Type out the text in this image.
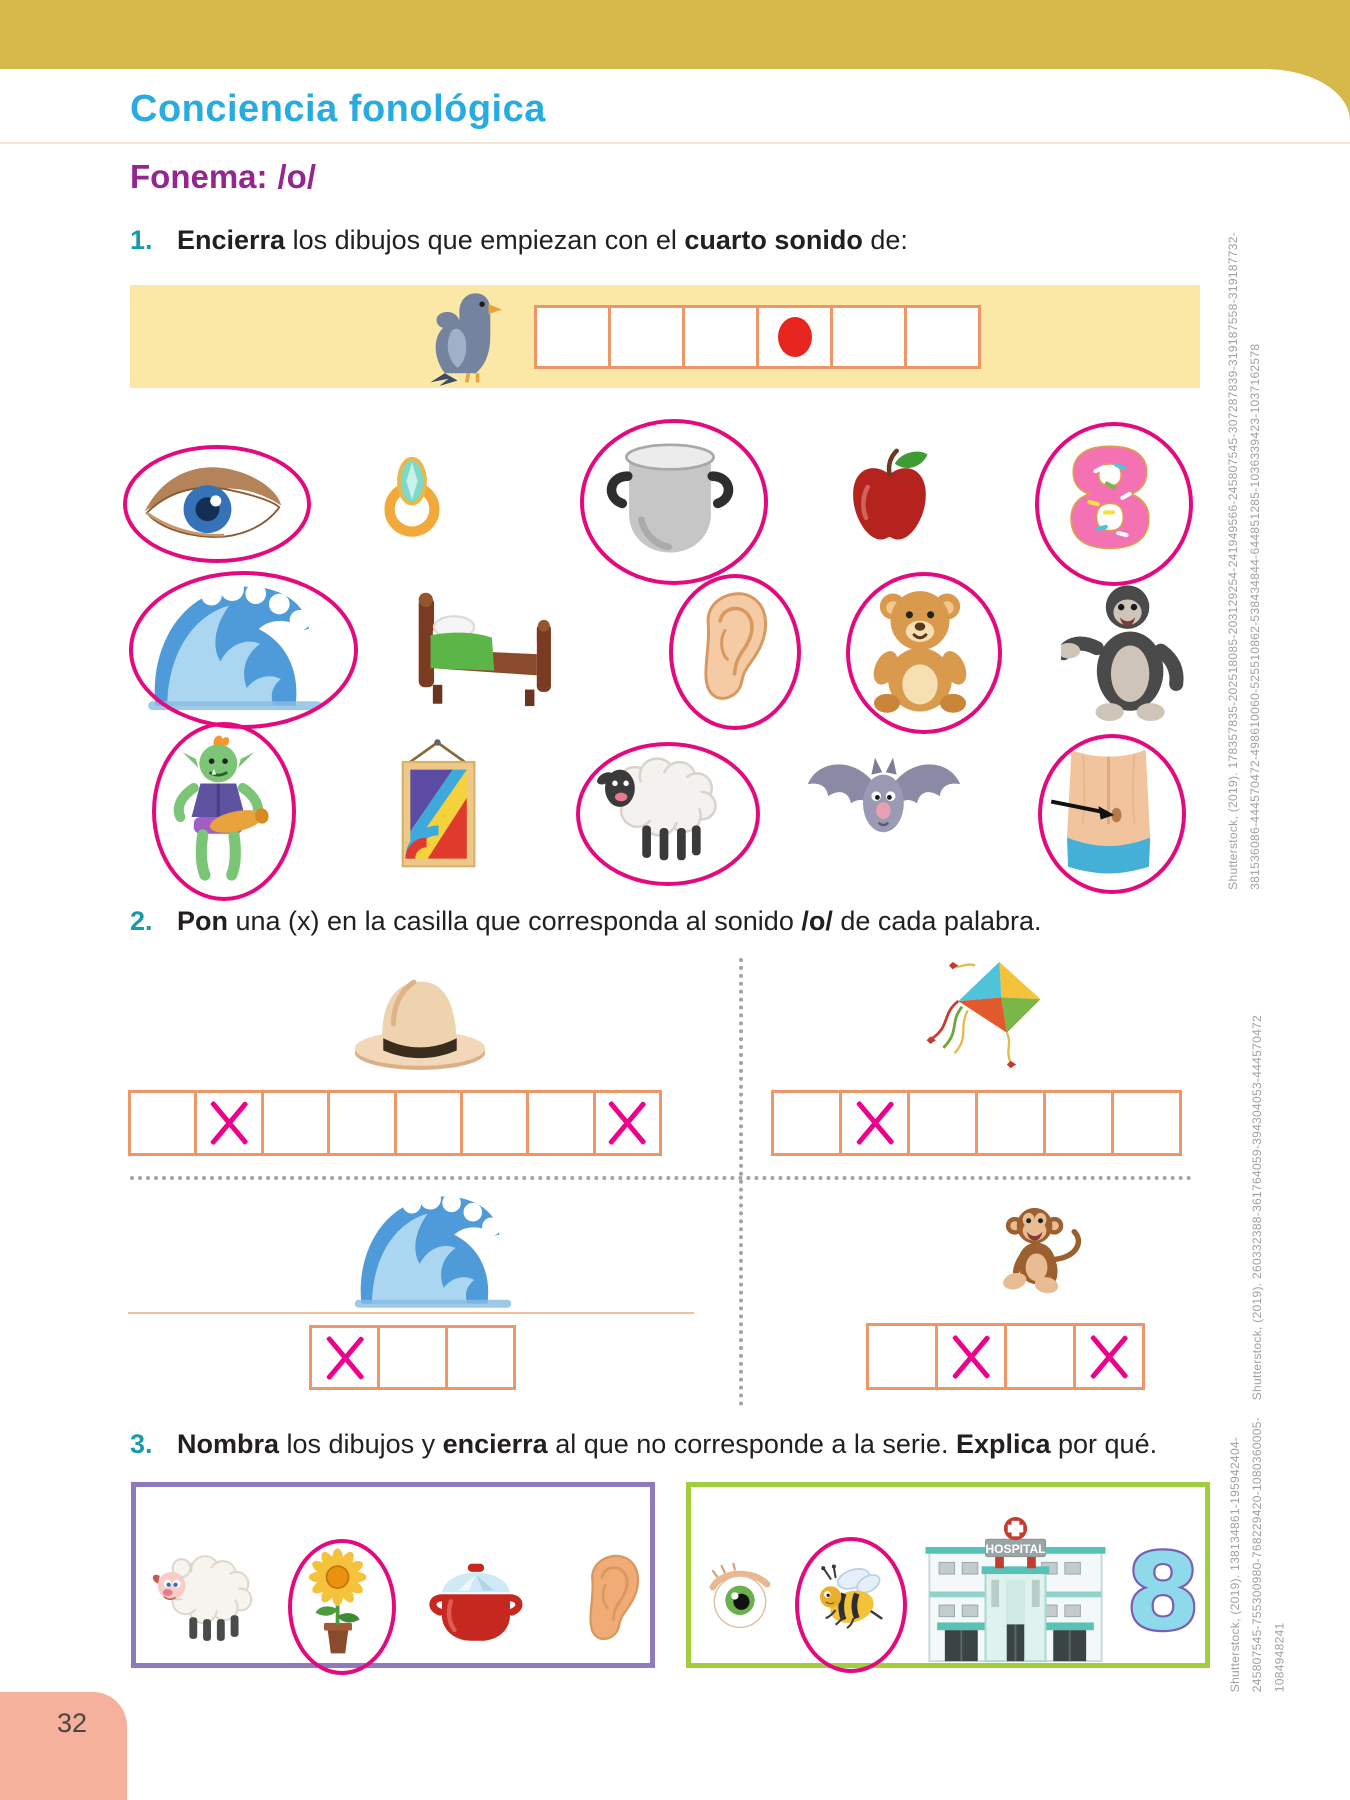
Conciencia fonológica
Fonema: /o/
1. Encierra los dibujos que empiezan con el cuarto sonido de:
2. Pon una (x) en la casilla que corresponda al sonido /o/ de cada palabra.
3. Nombra los dibujos y encierra al que no corresponde a la serie. Explica por qué.
32
Shutterstock, (2019). 178357835-202518085-203129254-241949566-245807545-307287839-319187558-319187732-
381536086-444570472-498610060-525510862-538434844-644851285-1036339423-1037162578
Shutterstock, (2019). 260332388-361764059-394304053-444570472
Shutterstock, (2019). 138134861-195942404-
245807545-755300980-768229420-1080360005-
1084948241
